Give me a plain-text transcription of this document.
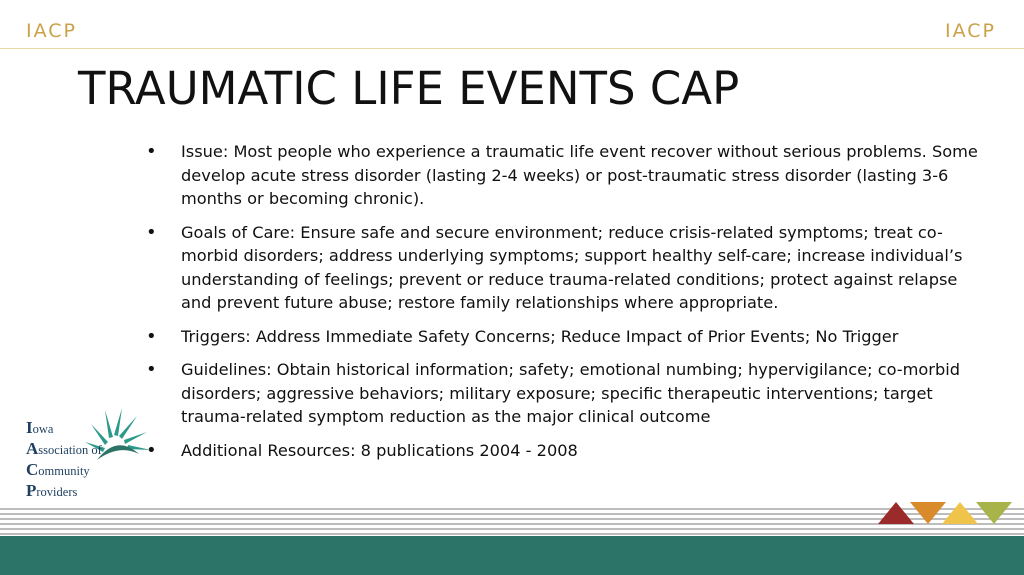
IACP	IACP
TRAUMATIC LIFE EVENTS CAP
• Issue: Most people who experience a traumatic life event recover without serious problems. Some develop acute stress disorder (lasting 2-4 weeks) or post-traumatic stress disorder (lasting 3-6 months or becoming chronic).
• Goals of Care: Ensure safe and secure environment; reduce crisis-related symptoms; treat co-morbid disorders; address underlying symptoms; support healthy self-care; increase individual’s understanding of feelings; prevent or reduce trauma-related conditions; protect against relapse and prevent future abuse; restore family relationships where appropriate.
• Triggers: Address Immediate Safety Concerns; Reduce Impact of Prior Events; No Trigger
• Guidelines: Obtain historical information; safety; emotional numbing; hypervigilance; co-morbid disorders; aggressive behaviors; military exposure; specific therapeutic interventions; target trauma-related symptom reduction as the major clinical outcome
• Additional Resources: 8 publications 2004 - 2008
Iowa
Association of
Community
Providers
